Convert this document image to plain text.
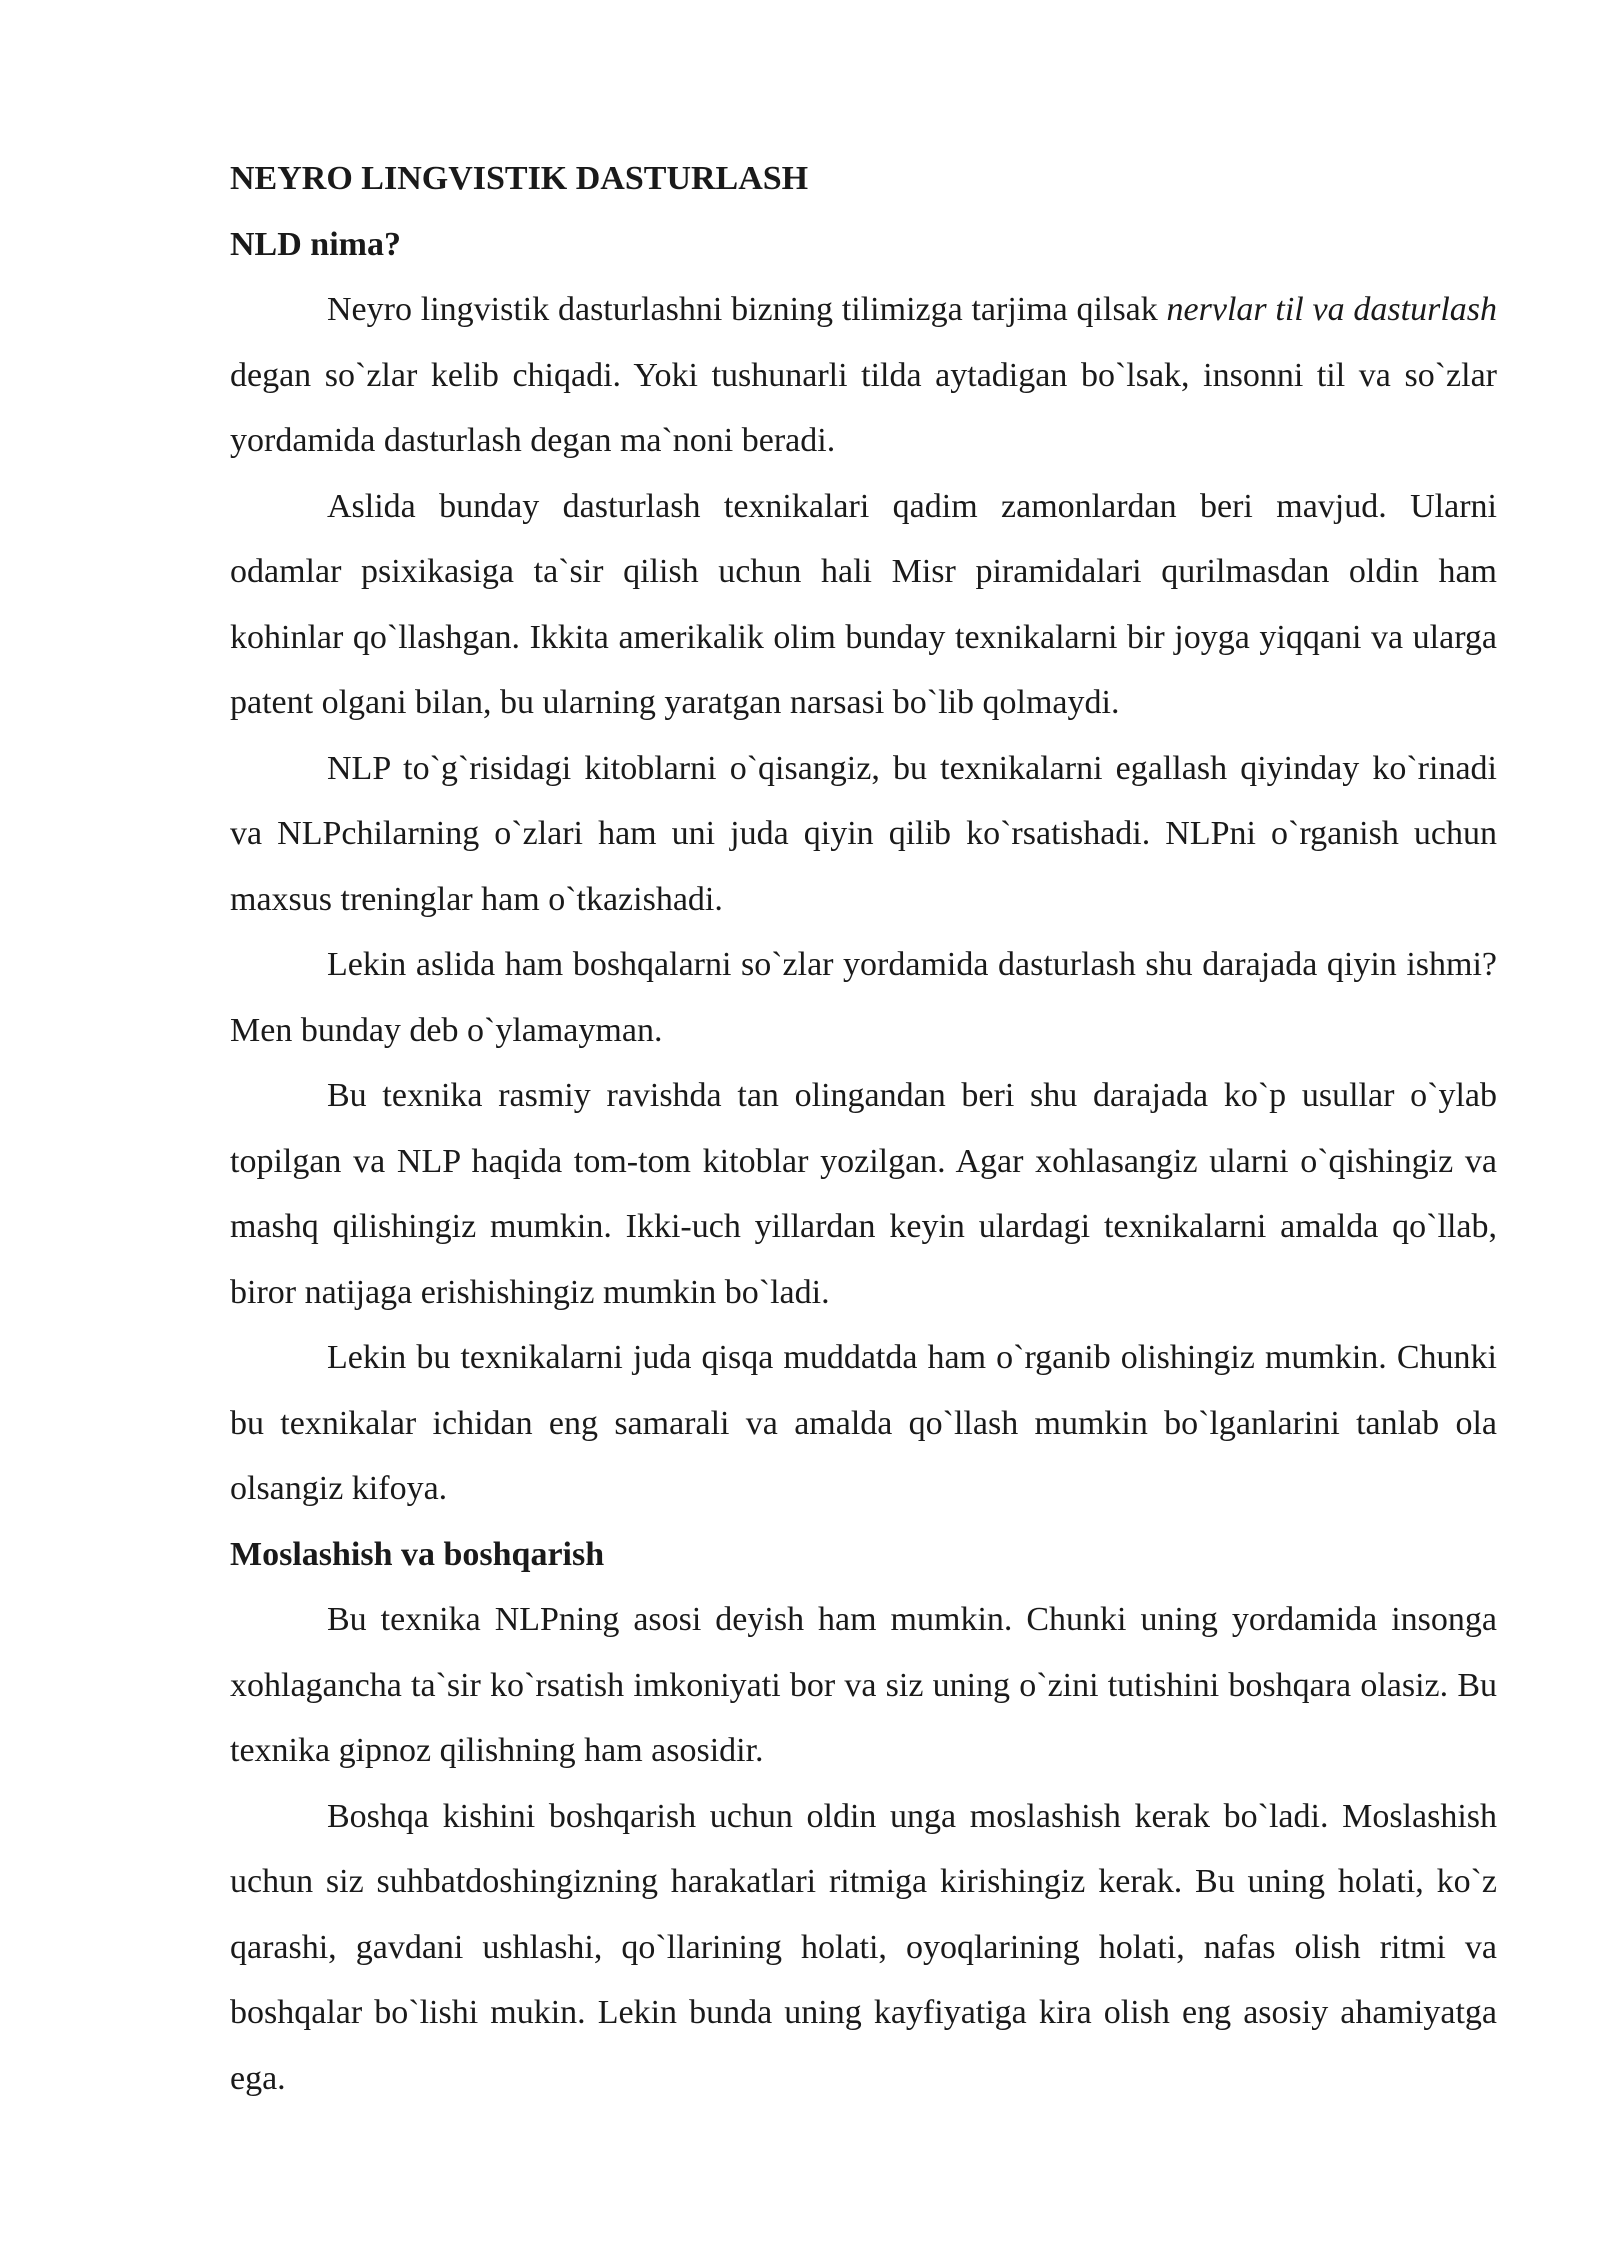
NEYRO LINGVISTIK DASTURLASH

NLD nima?

Neyro lingvistik dasturlashni bizning tilimizga tarjima qilsak nervlar til va dasturlash degan so`zlar kelib chiqadi. Yoki tushunarli tilda aytadigan bo`lsak, insonni til va so`zlar yordamida dasturlash degan ma`noni beradi.

Aslida bunday dasturlash texnikalari qadim zamonlardan beri mavjud. Ularni odamlar psixikasiga ta`sir qilish uchun hali Misr piramidalari qurilmasdan oldin ham kohinlar qo`llashgan. Ikkita amerikalik olim bunday texnikalarni bir joyga yiqqani va ularga patent olgani bilan, bu ularning yaratgan narsasi bo`lib qolmaydi.

NLP to`g`risidagi kitoblarni o`qisangiz, bu texnikalarni egallash qiyinday ko`rinadi va NLPchilarning o`zlari ham uni juda qiyin qilib ko`rsatishadi. NLPni o`rganish uchun maxsus treninglar ham o`tkazishadi.

Lekin aslida ham boshqalarni so`zlar yordamida dasturlash shu darajada qiyin ishmi? Men bunday deb o`ylamayman.

Bu texnika rasmiy ravishda tan olingandan beri shu darajada ko`p usullar o`ylab topilgan va NLP haqida tom-tom kitoblar yozilgan. Agar xohlasangiz ularni o`qishingiz va mashq qilishingiz mumkin. Ikki-uch yillardan keyin ulardagi texnikalarni amalda qo`llab, biror natijaga erishishingiz mumkin bo`ladi.

Lekin bu texnikalarni juda qisqa muddatda ham o`rganib olishingiz mumkin. Chunki bu texnikalar ichidan eng samarali va amalda qo`llash mumkin bo`lganlarini tanlab ola olsangiz kifoya.

Moslashish va boshqarish

Bu texnika NLPning asosi deyish ham mumkin. Chunki uning yordamida insonga xohlagancha ta`sir ko`rsatish imkoniyati bor va siz uning o`zini tutishini boshqara olasiz. Bu texnika gipnoz qilishning ham asosidir.

Boshqa kishini boshqarish uchun oldin unga moslashish kerak bo`ladi. Moslashish uchun siz suhbatdoshingizning harakatlari ritmiga kirishingiz kerak. Bu uning holati, ko`z qarashi, gavdani ushlashi, qo`llarining holati, oyoqlarining holati, nafas olish ritmi va boshqalar bo`lishi mukin. Lekin bunda uning kayfiyatiga kira olish eng asosiy ahamiyatga ega.
